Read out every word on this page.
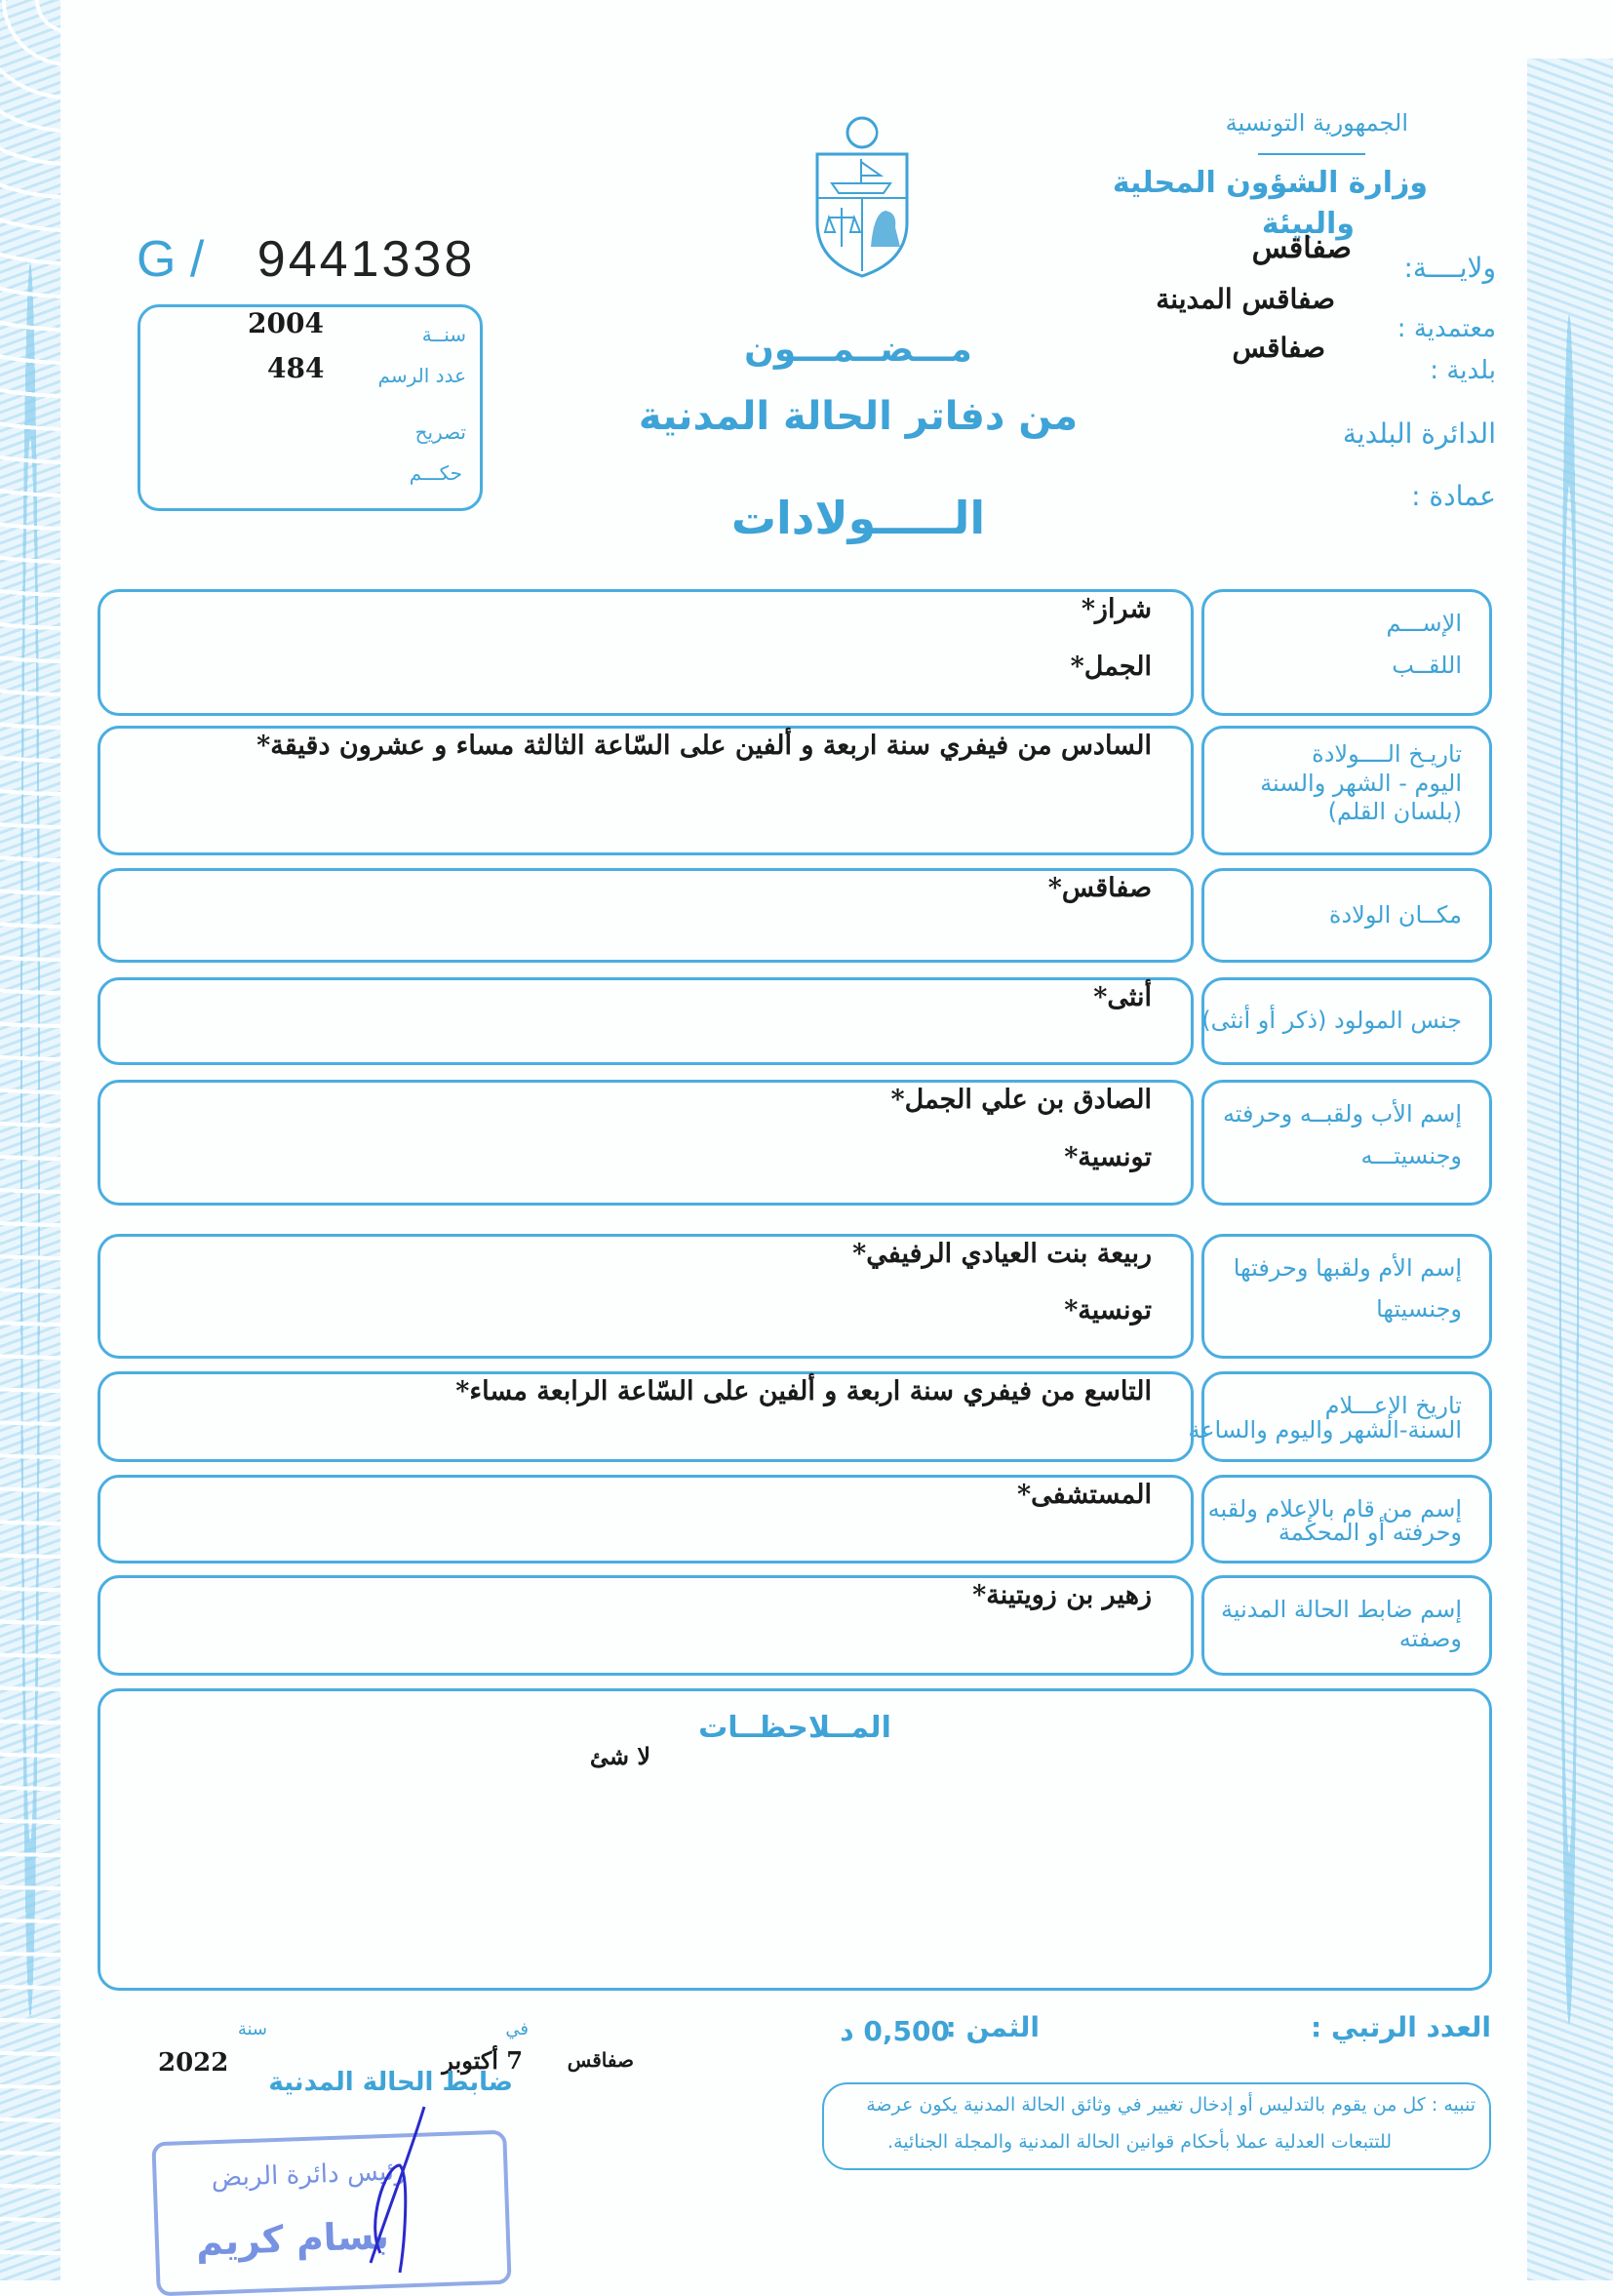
الجمهورية التونسية
وزارة الشؤون المحلية
والبيئة
صفاقس
ولايــــة:
صفاقس المدينة
معتمدية :
صفاقس
بلدية :
الدائرة البلدية
عمادة :
G / 9441338
2004
484
سنــة
عدد الرسم
تصريح
حكـــم
مـــضــمـــون
من دفاتر الحالة المدنية
الـــــولادات
الإســـم
اللقــب
شراز*
الجمل*
تاريـخ الــــولادة
اليوم - الشهر والسنة
(بلسان القلم)
السادس من فيفري سنة اربعة و ألفين على السّاعة الثالثة مساء و عشرون دقيقة*
مكــان الولادة
صفاقس*
جنس المولود (ذكر أو أنثى)
أنثى*
إسم الأب ولقبــه وحرفته
وجنسيتـــه
الصادق بن علي الجمل*
تونسية*
إسم الأم ولقبها وحرفتها
وجنسيتها
ربيعة بنت العيادي الرفيفي*
تونسية*
تاريخ الإعـــلام
السنة-الشهر واليوم والساعة
التاسع من فيفري سنة اربعة و ألفين على السّاعة الرابعة مساء*
إسم من قام بالإعلام ولقبه
وحرفته أو المحكمة
المستشفى*
إسم ضابط الحالة المدنية
وصفته
زهير بن زويتينة*
المــلاحظــات
لا شئ
العدد الرتبي :
الثمن :
0,500 د
صفاقس
في
7 أكتوبر
سنة
2022
ضابط الحالة المدنية
تنبيه : كل من يقوم بالتدليس أو إدخال تغيير في وثائق الحالة المدنية يكون عرضة
للتتبعات العدلية عملا بأحكام قوانين الحالة المدنية والمجلة الجنائية.
رئيس دائرة الربض
بسام كريم
